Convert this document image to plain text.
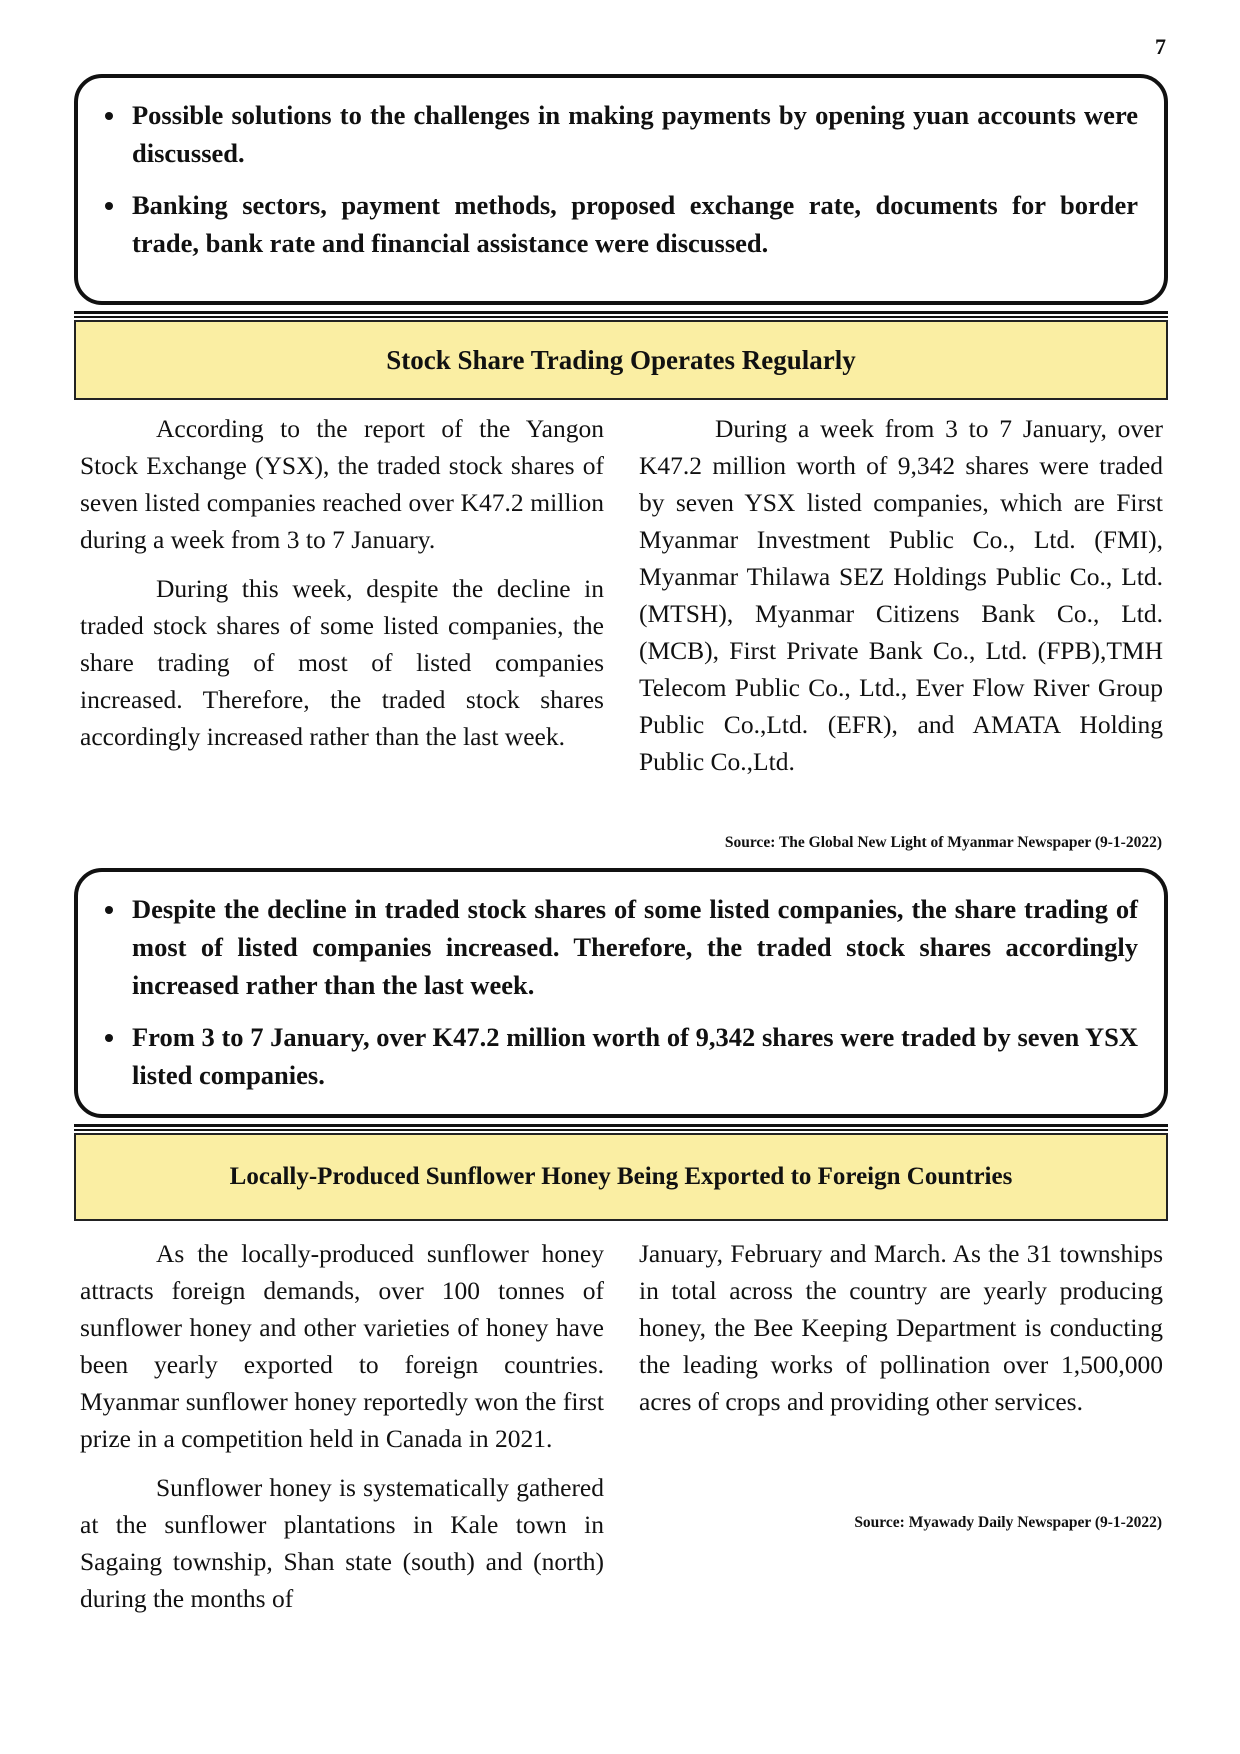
7
• Possible solutions to the challenges in making payments by opening yuan accounts were discussed.
• Banking sectors, payment methods, proposed exchange rate, documents for border trade, bank rate and financial assistance were discussed.
Stock Share Trading Operates Regularly

According to the report of the Yangon Stock Exchange (YSX), the traded stock shares of seven listed companies reached over K47.2 million during a week from 3 to 7 January.

During this week, despite the decline in traded stock shares of some listed companies, the share trading of most of listed companies increased. Therefore, the traded stock shares accordingly increased rather than the last week.

During a week from 3 to 7 January, over K47.2 million worth of 9,342 shares were traded by seven YSX listed companies, which are First Myanmar Investment Public Co., Ltd. (FMI), Myanmar Thilawa SEZ Holdings Public Co., Ltd. (MTSH), Myanmar Citizens Bank Co., Ltd. (MCB), First Private Bank Co., Ltd. (FPB),TMH Telecom Public Co., Ltd., Ever Flow River Group Public Co.,Ltd. (EFR), and AMATA Holding Public Co.,Ltd.

Source: The Global New Light of Myanmar Newspaper (9-1-2022)
• Despite the decline in traded stock shares of some listed companies, the share trading of most of listed companies increased. Therefore, the traded stock shares accordingly increased rather than the last week.
• From 3 to 7 January, over K47.2 million worth of 9,342 shares were traded by seven YSX listed companies.
Locally-Produced Sunflower Honey Being Exported to Foreign Countries

As the locally-produced sunflower honey attracts foreign demands, over 100 tonnes of sunflower honey and other varieties of honey have been yearly exported to foreign countries. Myanmar sunflower honey reportedly won the first prize in a competition held in Canada in 2021.

Sunflower honey is systematically gathered at the sunflower plantations in Kale town in Sagaing township, Shan state (south) and (north) during the months of

January, February and March. As the 31 townships in total across the country are yearly producing honey, the Bee Keeping Department is conducting the leading works of pollination over 1,500,000 acres of crops and providing other services.

Source: Myawady Daily Newspaper (9-1-2022)
